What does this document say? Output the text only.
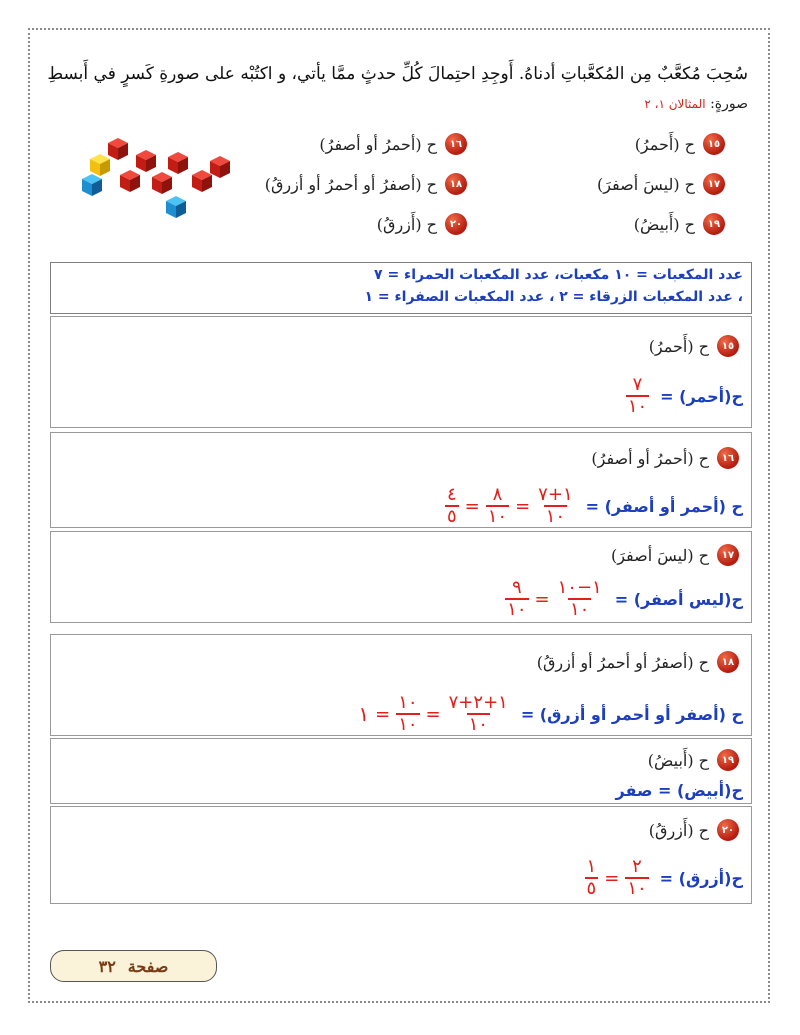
سُحِبَ مُكعَّبٌ مِن المُكعَّباتِ أدناهُ. أَوجِدِ احتِمالَ كُلِّ حدثٍ ممَّا يأتي، و اكتُبْه على صورةِ كَسرٍ في أَبسطِ
صورةٍ: المثالان ١، ٢
١٥
ح (أَحمرُ)
١٦
ح (أحمرُ أو أصفرُ)
١٧
ح (ليسَ أصفرَ)
١٨
ح (أصفرُ أو أحمرُ أو أزرقُ)
١٩
ح (أَبيضُ)
٢٠
ح (أَزرقُ)
عدد المكعبات = ١٠ مكعبات، عدد المكعبات الحمراء = ٧
، عدد المكعبات الزرقاء = ٢ ، عدد المكعبات الصفراء = ١
١٥
ح (أَحمرُ)
ح(أحمر) =
$\frac{٧}{١٠}$
١٦
ح (أحمرُ أو أصفرُ)
ح (أحمر أو أصفر) =
$\frac{١+٧}{١٠}$
=
$\frac{٨}{١٠}$
=
$\frac{٤}{٥}$
١٧
ح (ليسَ أصفرَ)
ح(ليس أصفر) =
$\frac{١-١٠}{١٠}$
=
$\frac{٩}{١٠}$
١٨
ح (أصفرُ أو أحمرُ أو أزرقُ)
ح (أصفر أو أحمر أو أزرق) =
$\frac{١+٢+٧}{١٠}$
=
$\frac{١٠}{١٠}$
=
١
١٩
ح (أَبيضُ)
ح(أبيض) = صفر
٢٠
ح (أَزرقُ)
ح(أزرق) =
$\frac{٢}{١٠}$
=
$\frac{١}{٥}$
صفحة
٣٢
